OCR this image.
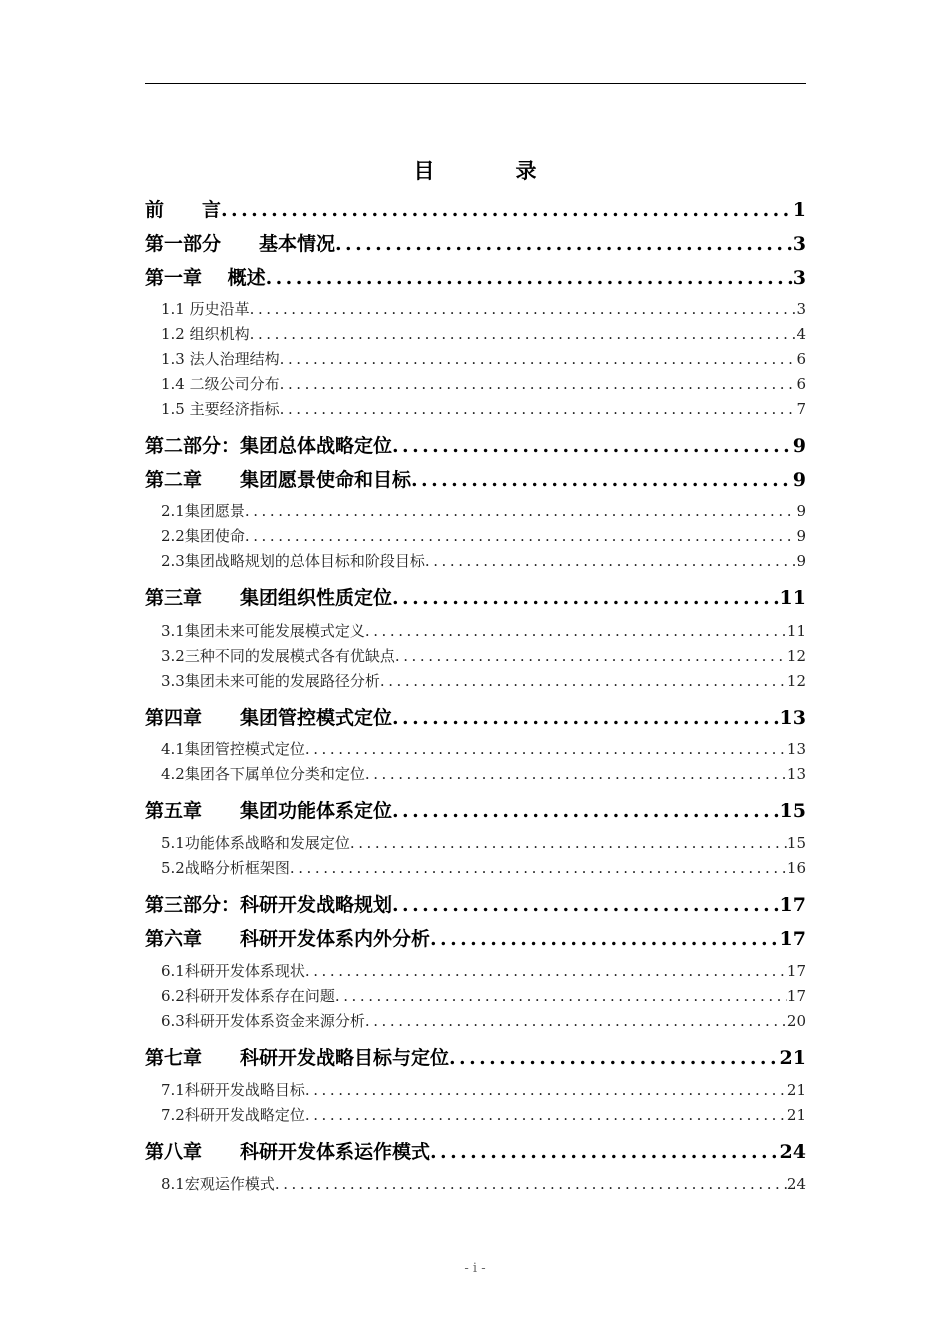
目　录
前　　言 . . .	1
第一部分　　基本情况 . . .	3
第一章　 概述 . . .	3
1.1 历史沿革 . . .	3
1.2 组织机构 . . .	4
1.3 法人治理结构 . . .	6
1.4 二级公司分布 . . .	6
1.5 主要经济指标 . . .	7
第二部分：集团总体战略定位 . . .	9
第二章　　集团愿景使命和目标 . . .	9
2.1集团愿景 . . .	9
2.2集团使命 . . .	9
2.3集团战略规划的总体目标和阶段目标 . . .	9
第三章　　集团组织性质定位 . . .	11
3.1集团未来可能发展模式定义 . . .	11
3.2三种不同的发展模式各有优缺点 . . .	12
3.3集团未来可能的发展路径分析 . . .	12
第四章　　集团管控模式定位 . . .	13
4.1集团管控模式定位 . . .	13
4.2集团各下属单位分类和定位 . . .	13
第五章　　集团功能体系定位 . . .	15
5.1功能体系战略和发展定位 . . .	15
5.2战略分析框架图 . . .	16
第三部分：科研开发战略规划 . . .	17
第六章　　科研开发体系内外分析 . . .	17
6.1科研开发体系现状 . . .	17
6.2科研开发体系存在问题 . . .	17
6.3科研开发体系资金来源分析 . . .	20
第七章　　科研开发战略目标与定位 . . .	21
7.1科研开发战略目标 . . .	21
7.2科研开发战略定位 . . .	21
第八章　　科研开发体系运作模式 . . .	24
8.1宏观运作模式 . . .	24
- i -
